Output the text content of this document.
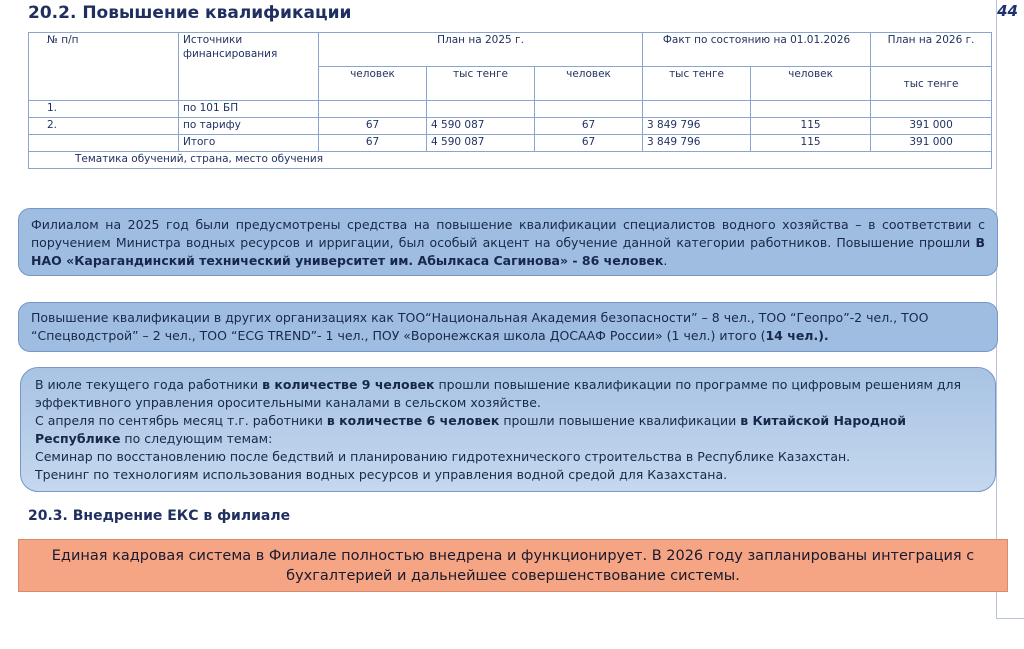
44
20.2. Повышение квалификации
№ п/п	Источники финансирования	План на 2025 г.			Факт по состоянию на 01.01.2026		План на 2026 г.
		человек	тыс тенге	человек	тыс тенге	человек	тыс тенге
1.	по 101 БП						
2.	по тарифу	67	4 590 087	67	3 849 796	115	391 000
	Итого	67	4 590 087	67	3 849 796	115	391 000
Тематика обучений, страна, место обучения							

Филиалом на 2025 год были предусмотрены средства на повышение квалификации специалистов водного хозяйства – в соответствии с поручением Министра водных ресурсов и ирригации, был особый акцент на обучение данной категории работников. Повышение прошли В НАО «Карагандинский технический университет им. Абылкаса Сагинова» - 86 человек.

Повышение квалификации в других организациях как ТОО“Национальная Академия безопасности” – 8 чел., ТОО “Геопро”-2 чел., ТОО “Спецводстрой” – 2 чел., ТОО “ECG TREND”- 1 чел., ПОУ «Воронежская школа ДОСААФ России» (1 чел.) итого (14 чел.).

В июле текущего года работники в количестве 9 человек прошли повышение квалификации по программе по цифровым решениям для эффективного управления оросительными каналами в сельском хозяйстве.

С апреля по сентябрь месяц т.г. работники в количестве 6 человек прошли повышение квалификации в Китайской Народной Республике по следующим темам:

Семинар по восстановлению после бедствий и планированию гидротехнического строительства в Республике Казахстан.

Тренинг по технологиям использования водных ресурсов и управления водной средой для Казахстана.

20.3. Внедрение ЕКС в филиале
Единая кадровая система в Филиале полностью внедрена и функционирует. В 2026 году запланированы интеграция с бухгалтерией и дальнейшее совершенствование системы.
